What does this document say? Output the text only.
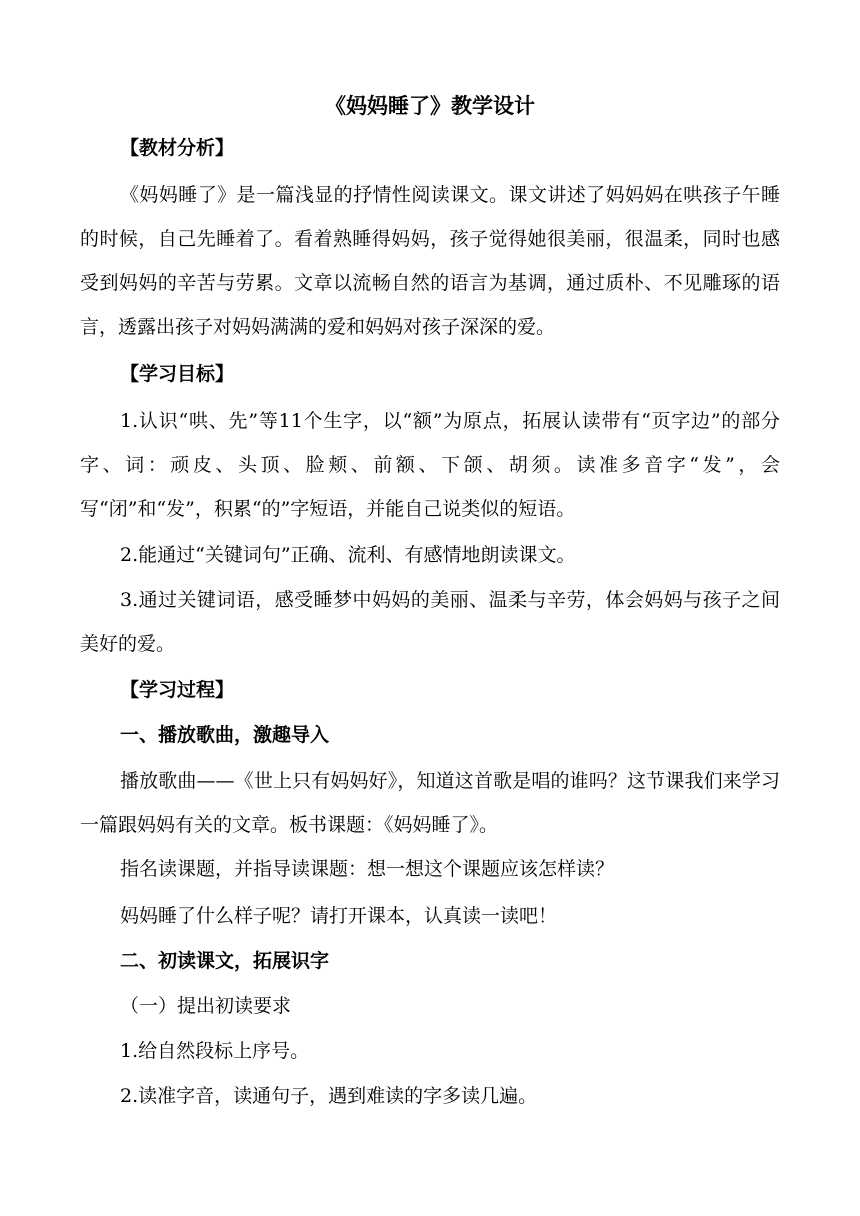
《妈妈睡了》教学设计
【教材分析】

《妈妈睡了》是一篇浅显的抒情性阅读课文。课文讲述了妈妈妈在哄孩子午睡的时候，自己先睡着了。看着熟睡得妈妈，孩子觉得她很美丽，很温柔，同时也感受到妈妈的辛苦与劳累。文章以流畅自然的语言为基调，通过质朴、不见雕琢的语言，透露出孩子对妈妈满满的爱和妈妈对孩子深深的爱。

【学习目标】

1.认识“哄、先”等11个生字，以“额”为原点，拓展认读带有“页字边”的部分字、词：顽皮、头顶、脸颊、前额、下颌、胡须。读准多音字“发”，会写“闭”和“发”，积累“的”字短语，并能自己说类似的短语。

2.能通过“关键词句”正确、流利、有感情地朗读课文。

3.通过关键词语，感受睡梦中妈妈的美丽、温柔与辛劳，体会妈妈与孩子之间美好的爱。

【学习过程】
一、播放歌曲，激趣导入

播放歌曲——《世上只有妈妈好》，知道这首歌是唱的谁吗？这节课我们来学习一篇跟妈妈有关的文章。板书课题：《妈妈睡了》。

指名读课题，并指导读课题：想一想这个课题应该怎样读？
妈妈睡了什么样子呢？请打开课本，认真读一读吧！
二、初读课文，拓展识字
（一）提出初读要求
1.给自然段标上序号。
2.读准字音，读通句子，遇到难读的字多读几遍。
